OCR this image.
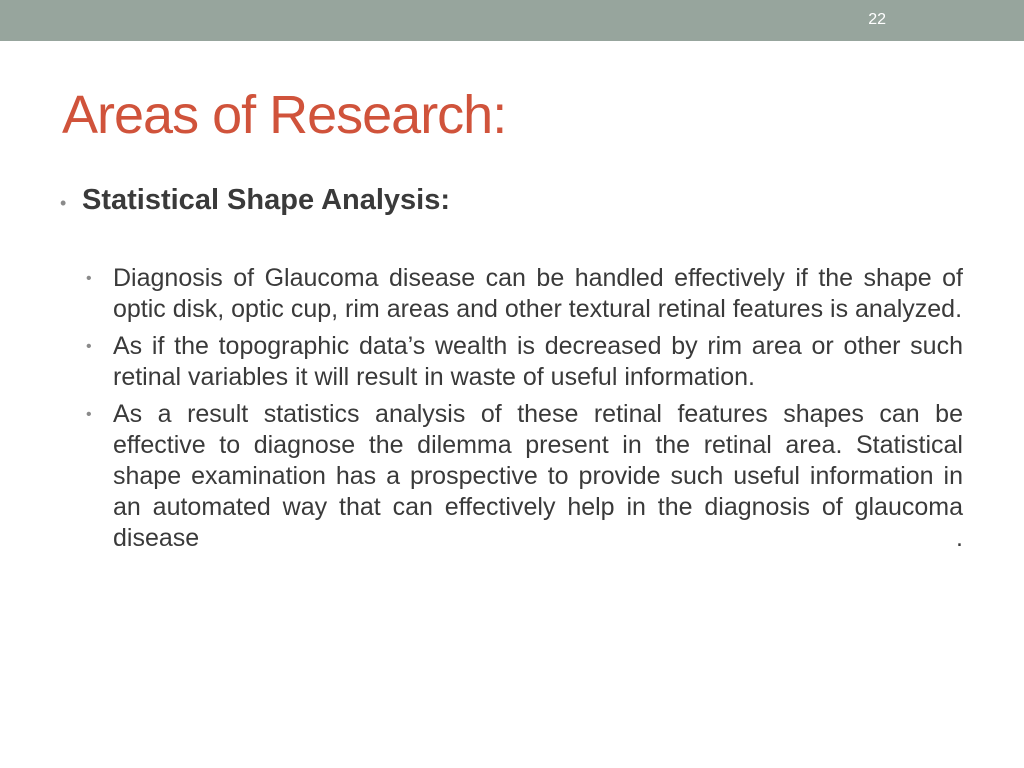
22
Areas of Research:
• Statistical Shape Analysis:
• Diagnosis of Glaucoma disease can be handled effectively if the shape of optic disk, optic cup, rim areas and other textural retinal features is analyzed.
• As if the topographic data’s wealth is decreased by rim area or other such retinal variables it will result in waste of useful information.
• As a result statistics analysis of these retinal features shapes can be effective to diagnose the dilemma present in the retinal area. Statistical shape examination has a prospective to provide such useful information in an automated way that can effectively help in the diagnosis of glaucoma disease	.
